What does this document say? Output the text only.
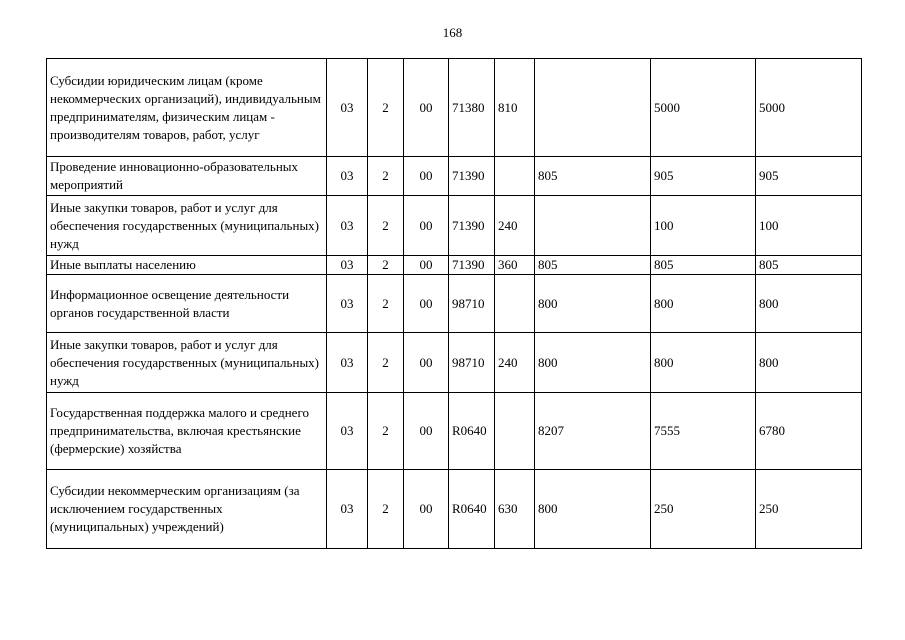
168
Субсидии юридическим лицам (кроме некоммерческих организаций), индивидуальным предпринимателям, физическим лицам - производителям товаров, работ, услуг	03	2	00	71380	810		5000	5000
Проведение инновационно-образовательных мероприятий	03	2	00	71390		805	905	905
Иные закупки товаров, работ и услуг для обеспечения государственных (муниципальных) нужд	03	2	00	71390	240		100	100
Иные выплаты населению	03	2	00	71390	360	805	805	805
Информационное освещение деятельности органов государственной власти	03	2	00	98710		800	800	800
Иные закупки товаров, работ и услуг для обеспечения государственных (муниципальных) нужд	03	2	00	98710	240	800	800	800
Государственная поддержка малого и среднего предпринимательства, включая крестьянские (фермерские) хозяйства	03	2	00	R0640		8207	7555	6780
Субсидии некоммерческим организациям (за исключением государственных (муниципальных) учреждений)	03	2	00	R0640	630	800	250	250
